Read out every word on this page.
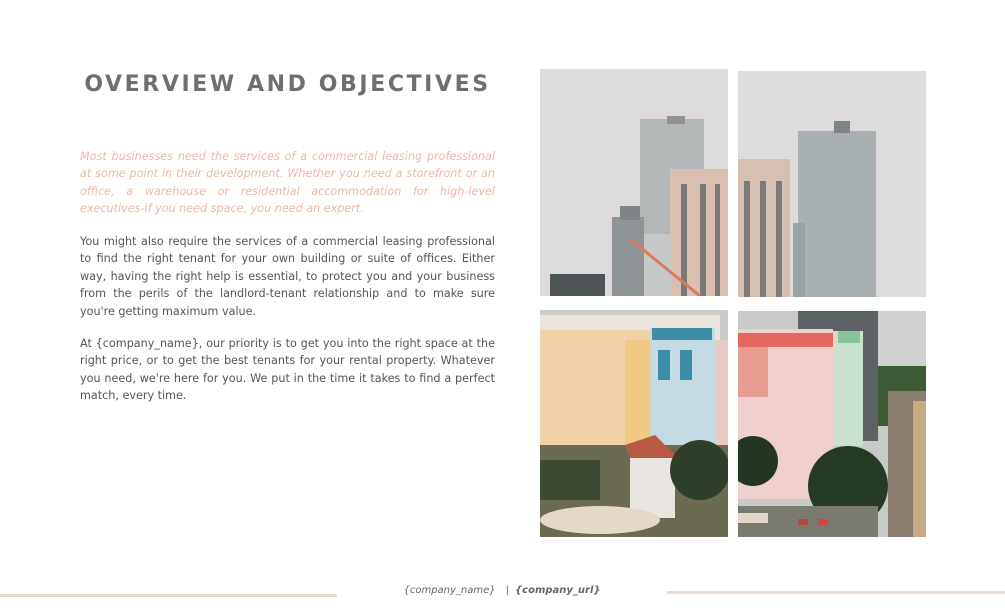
OVERVIEW AND OBJECTIVES
Most businesses need the services of a commercial leasing professional at some point in their development. Whether you need a storefront or an office, a warehouse or residential accommodation for high-level executives-if you need space, you need an expert.
You might also require the services of a commercial leasing professional to find the right tenant for your own building or suite of offices. Either way, having the right help is essential, to protect you and your business from the perils of the landlord-tenant relationship and to make sure you're getting maximum value.
At {company_name}, our priority is to get you into the right space at the right price, or to get the best tenants for your rental property. Whatever you need, we're here for you. We put in the time it takes to find a perfect match, every time.
{company_name} | {company_url}
